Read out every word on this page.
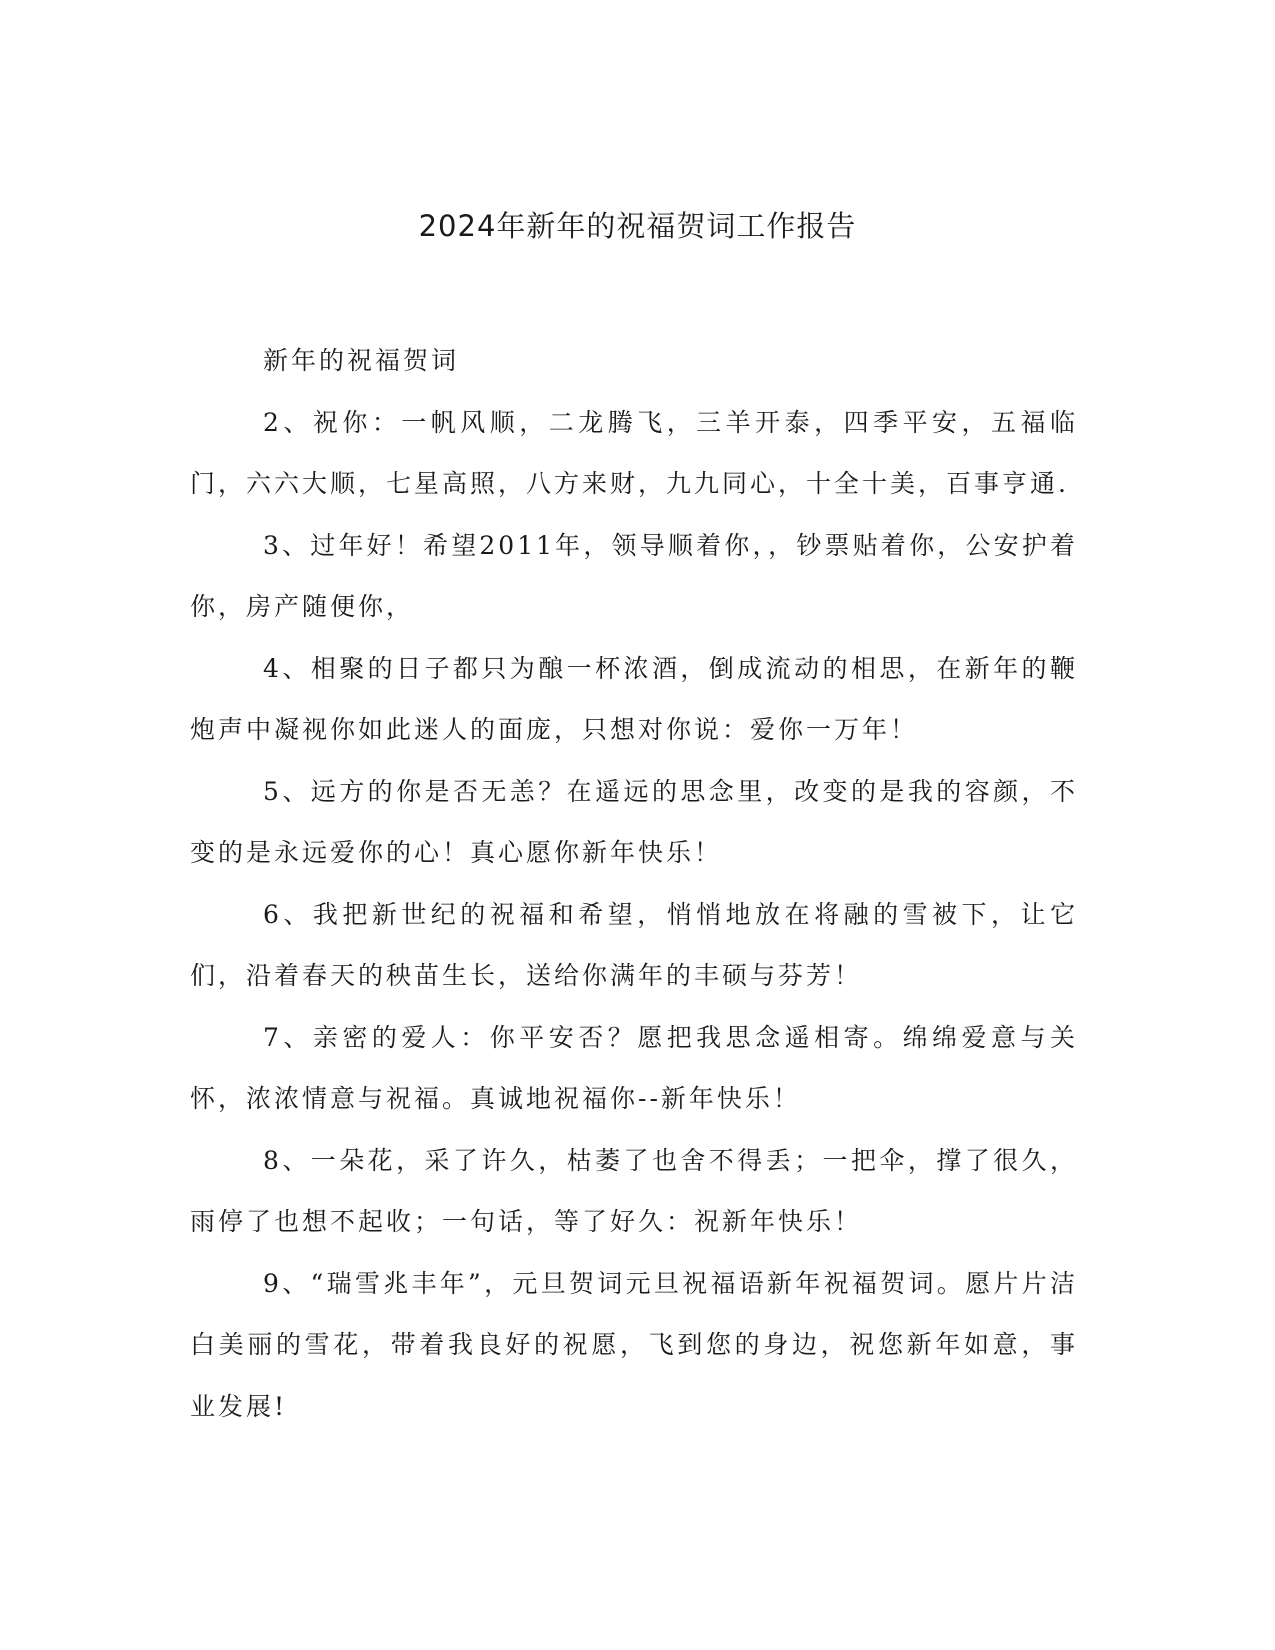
2024年新年的祝福贺词工作报告

新年的祝福贺词

2、祝你：一帆风顺，二龙腾飞，三羊开泰，四季平安，五福临门，六六大顺，七星高照，八方来财，九九同心，十全十美，百事亨通.

3、过年好！希望2011年，领导顺着你，，钞票贴着你，公安护着你，房产随便你，

4、相聚的日子都只为酿一杯浓酒，倒成流动的相思，在新年的鞭炮声中凝视你如此迷人的面庞，只想对你说：爱你一万年！

5、远方的你是否无恙？在遥远的思念里，改变的是我的容颜，不变的是永远爱你的心！真心愿你新年快乐！

6、我把新世纪的祝福和希望，悄悄地放在将融的雪被下，让它们，沿着春天的秧苗生长，送给你满年的丰硕与芬芳！

7、亲密的爱人：你平安否？愿把我思念遥相寄。绵绵爱意与关怀，浓浓情意与祝福。真诚地祝福你--新年快乐！

8、一朵花，采了许久，枯萎了也舍不得丢；一把伞，撑了很久，雨停了也想不起收；一句话，等了好久：祝新年快乐！

9、“瑞雪兆丰年”，元旦贺词元旦祝福语新年祝福贺词。愿片片洁白美丽的雪花，带着我良好的祝愿，飞到您的身边，祝您新年如意，事业发展!
